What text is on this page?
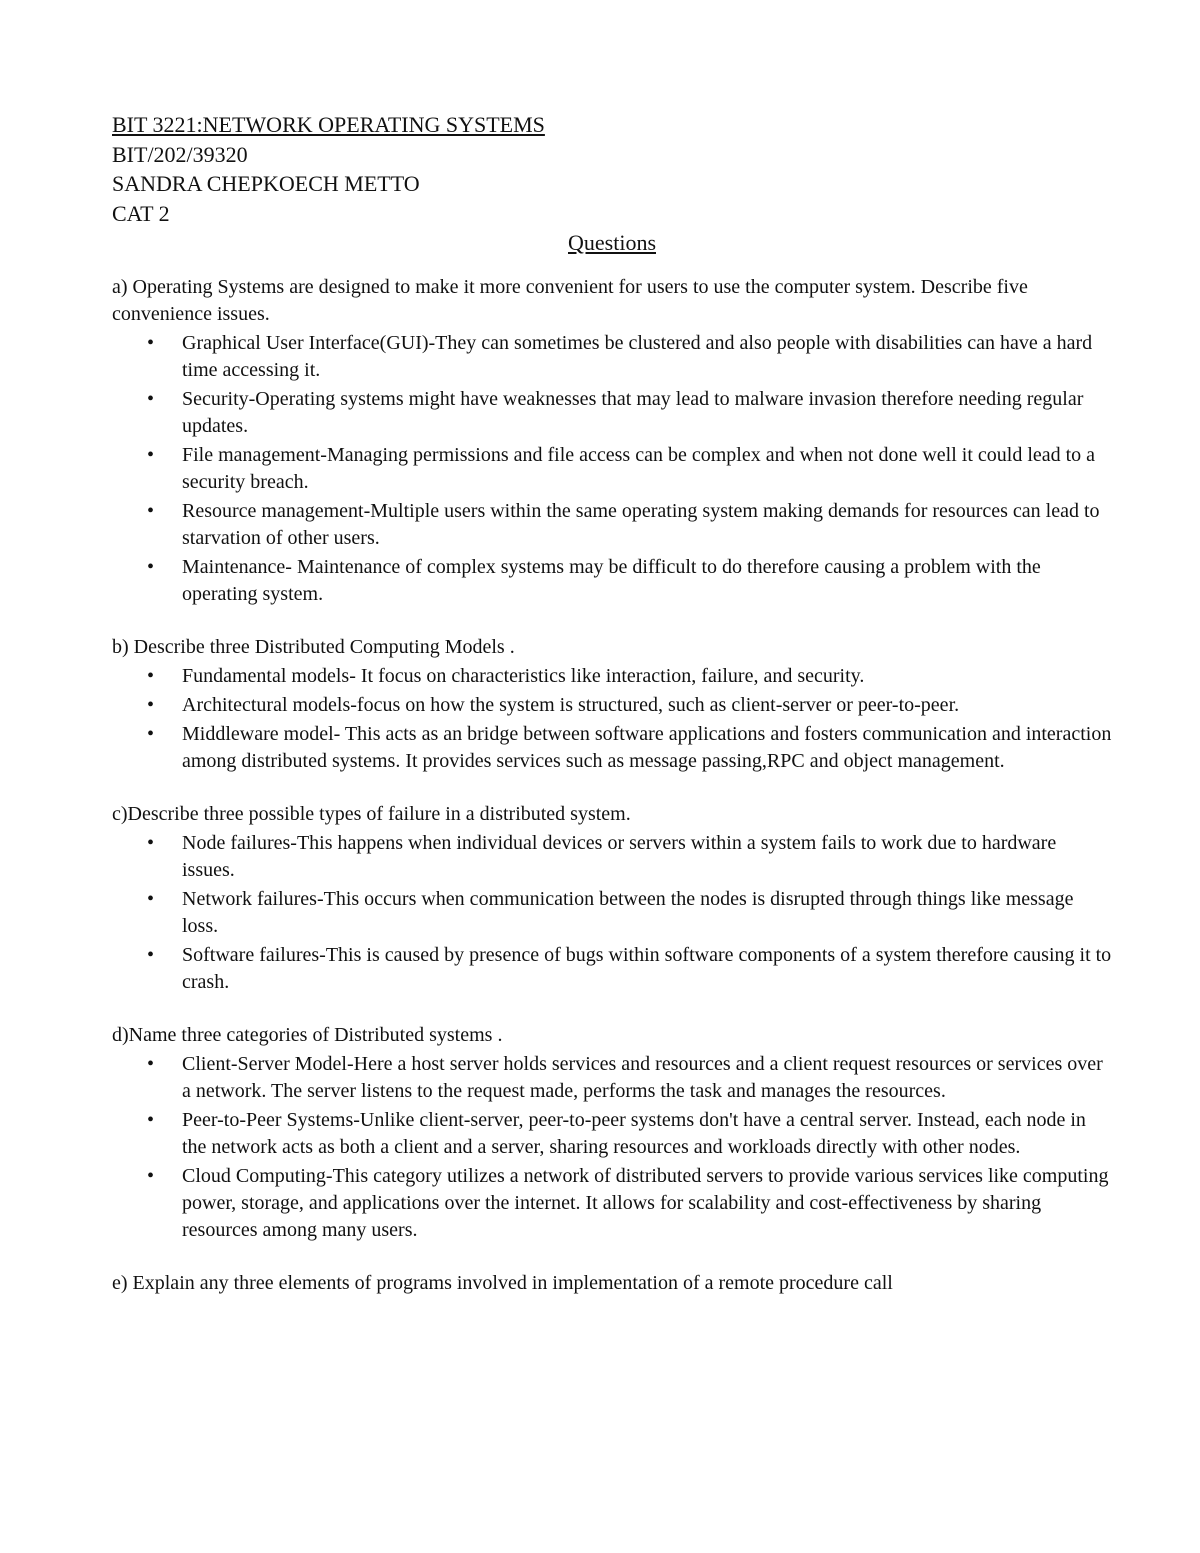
BIT 3221:NETWORK OPERATING SYSTEMS

BIT/202/39320

SANDRA CHEPKOECH METTO

CAT 2

Questions

a) Operating Systems are designed to make it more convenient for users to use the computer system. Describe five convenience issues.

• Graphical User Interface(GUI)-They can sometimes be clustered and also people with disabilities can have a hard time accessing it.
• Security-Operating systems might have weaknesses that may lead to malware invasion therefore needing regular updates.
• File management-Managing permissions and file access can be complex and when not done well it could lead to a security breach.
• Resource management-Multiple users within the same operating system making demands for resources can lead to starvation of other users.
• Maintenance- Maintenance of complex systems may be difficult to do therefore causing a problem with the operating system.

b) Describe three Distributed Computing Models .

• Fundamental models- It focus on characteristics like interaction, failure, and security.
• Architectural models-focus on how the system is structured, such as client-server or peer-to-peer.
• Middleware model- This acts as an bridge between software applications and fosters communication and interaction among distributed systems. It provides services such as message passing,RPC and object management.

c)Describe three possible types of failure in a distributed system.

• Node failures-This happens when individual devices or servers within a system fails to work due to hardware issues.
• Network failures-This occurs when communication between the nodes is disrupted through things like message loss.
• Software failures-This is caused by presence of bugs within software components of a system therefore causing it to crash.

d)Name three categories of Distributed systems .

• Client-Server Model-Here a host server holds services and resources and a client request resources or services over a network. The server listens to the request made, performs the task and manages the resources.
• Peer-to-Peer Systems-Unlike client-server, peer-to-peer systems don't have a central server. Instead, each node in the network acts as both a client and a server, sharing resources and workloads directly with other nodes.
• Cloud Computing-This category utilizes a network of distributed servers to provide various services like computing power, storage, and applications over the internet. It allows for scalability and cost-effectiveness by sharing resources among many users.

e) Explain any three elements of programs involved in implementation of a remote procedure call
